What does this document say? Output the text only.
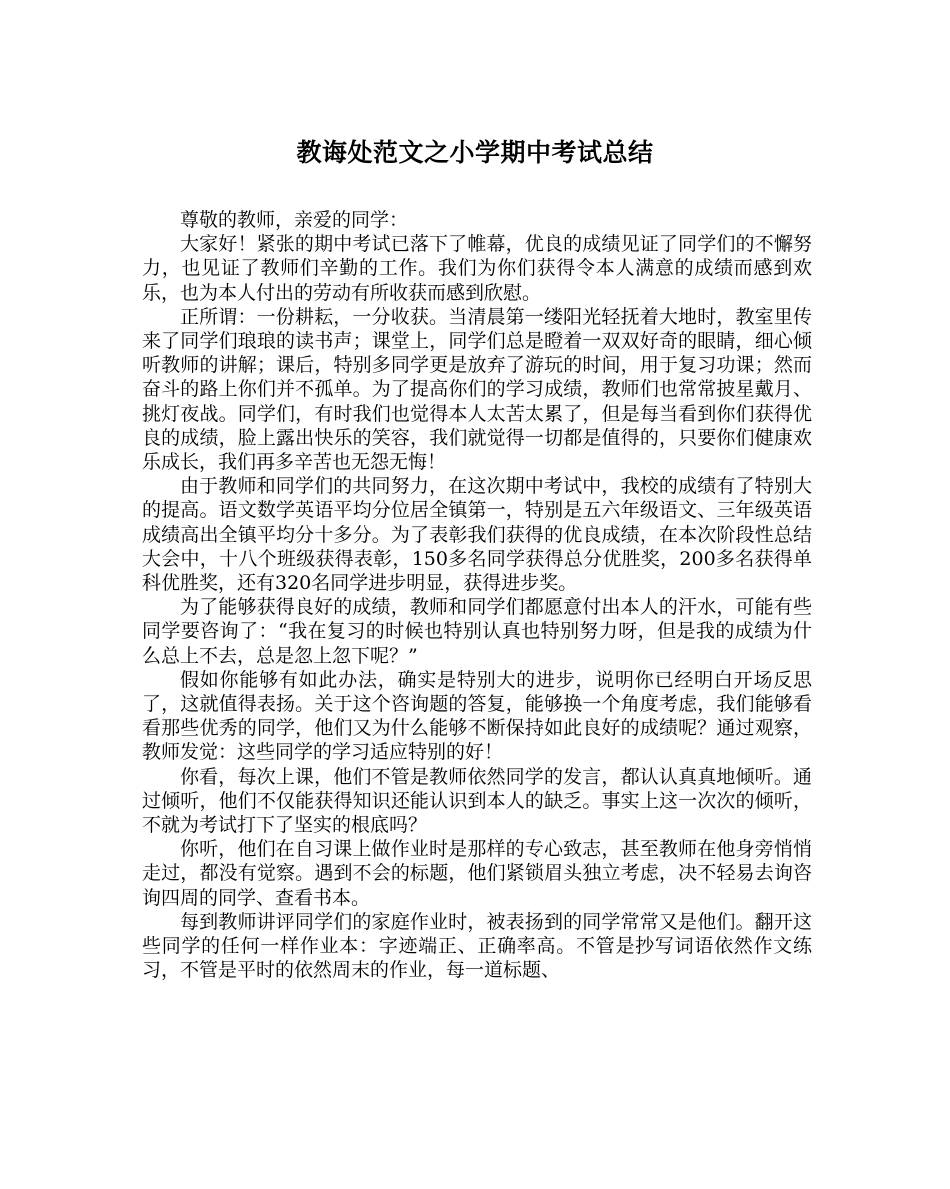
教诲处范文之小学期中考试总结

尊敬的教师，亲爱的同学：

大家好！紧张的期中考试已落下了帷幕，优良的成绩见证了同学们的不懈努力，也见证了教师们辛勤的工作。我们为你们获得令本人满意的成绩而感到欢乐，也为本人付出的劳动有所收获而感到欣慰。

正所谓：一份耕耘，一分收获。当清晨第一缕阳光轻抚着大地时，教室里传来了同学们琅琅的读书声；课堂上，同学们总是瞪着一双双好奇的眼睛，细心倾听教师的讲解；课后，特别多同学更是放弃了游玩的时间，用于复习功课；然而奋斗的路上你们并不孤单。为了提高你们的学习成绩，教师们也常常披星戴月、挑灯夜战。同学们，有时我们也觉得本人太苦太累了，但是每当看到你们获得优良的成绩，脸上露出快乐的笑容，我们就觉得一切都是值得的，只要你们健康欢乐成长，我们再多辛苦也无怨无悔！

由于教师和同学们的共同努力，在这次期中考试中，我校的成绩有了特别大的提高。语文数学英语平均分位居全镇第一，特别是五六年级语文、三年级英语成绩高出全镇平均分十多分。为了表彰我们获得的优良成绩，在本次阶段性总结大会中，十八个班级获得表彰，150多名同学获得总分优胜奖，200多名获得单科优胜奖，还有320名同学进步明显，获得进步奖。

为了能够获得良好的成绩，教师和同学们都愿意付出本人的汗水，可能有些同学要咨询了：“我在复习的时候也特别认真也特别努力呀，但是我的成绩为什么总上不去，总是忽上忽下呢？”

假如你能够有如此办法，确实是特别大的进步，说明你已经明白开场反思了，这就值得表扬。关于这个咨询题的答复，能够换一个角度考虑，我们能够看看那些优秀的同学，他们又为什么能够不断保持如此良好的成绩呢？通过观察，教师发觉：这些同学的学习适应特别的好！

你看，每次上课，他们不管是教师依然同学的发言，都认认真真地倾听。通过倾听，他们不仅能获得知识还能认识到本人的缺乏。事实上这一次次的倾听，不就为考试打下了坚实的根底吗？

你听，他们在自习课上做作业时是那样的专心致志，甚至教师在他身旁悄悄走过，都没有觉察。遇到不会的标题，他们紧锁眉头独立考虑，决不轻易去询咨询四周的同学、查看书本。

每到教师讲评同学们的家庭作业时，被表扬到的同学常常又是他们。翻开这些同学的任何一样作业本：字迹端正、正确率高。不管是抄写词语依然作文练习，不管是平时的依然周末的作业，每一道标题、
